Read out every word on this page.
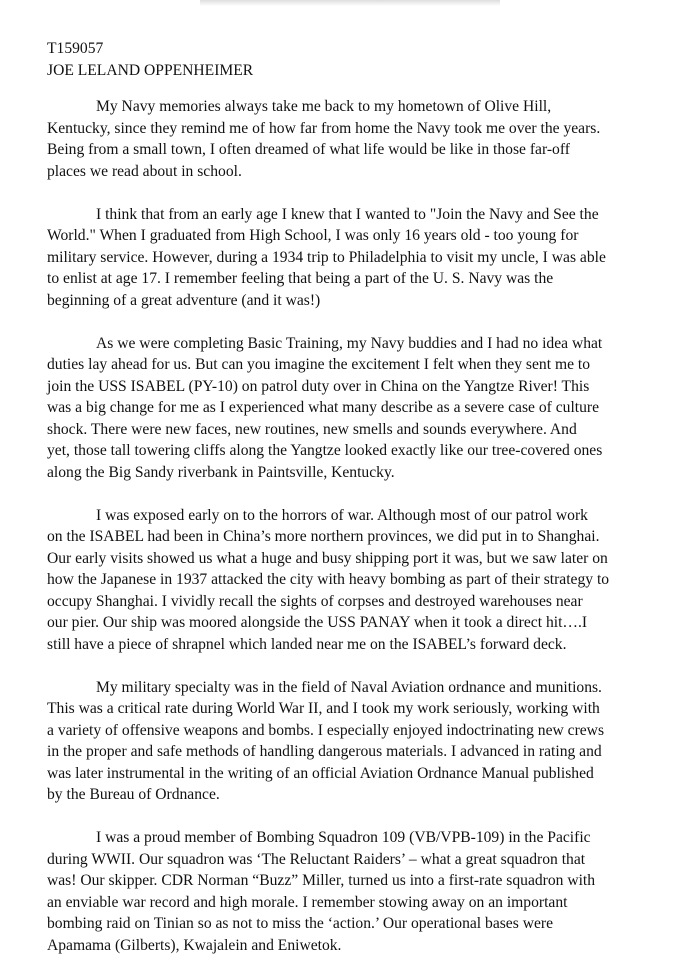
T159057
JOE LELAND OPPENHEIMER
My Navy memories always take me back to my hometown of Olive Hill,
Kentucky, since they remind me of how far from home the Navy took me over the years.
Being from a small town, I often dreamed of what life would be like in those far-off
places we read about in school.
I think that from an early age I knew that I wanted to "Join the Navy and See the
World." When I graduated from High School, I was only 16 years old - too young for
military service. However, during a 1934 trip to Philadelphia to visit my uncle, I was able
to enlist at age 17. I remember feeling that being a part of the U. S. Navy was the
beginning of a great adventure (and it was!)
As we were completing Basic Training, my Navy buddies and I had no idea what
duties lay ahead for us. But can you imagine the excitement I felt when they sent me to
join the USS ISABEL (PY-10) on patrol duty over in China on the Yangtze River! This
was a big change for me as I experienced what many describe as a severe case of culture
shock. There were new faces, new routines, new smells and sounds everywhere. And
yet, those tall towering cliffs along the Yangtze looked exactly like our tree-covered ones
along the Big Sandy riverbank in Paintsville, Kentucky.
I was exposed early on to the horrors of war. Although most of our patrol work
on the ISABEL had been in China’s more northern provinces, we did put in to Shanghai.
Our early visits showed us what a huge and busy shipping port it was, but we saw later on
how the Japanese in 1937 attacked the city with heavy bombing as part of their strategy to
occupy Shanghai. I vividly recall the sights of corpses and destroyed warehouses near
our pier. Our ship was moored alongside the USS PANAY when it took a direct hit….I
still have a piece of shrapnel which landed near me on the ISABEL’s forward deck.
My military specialty was in the field of Naval Aviation ordnance and munitions.
This was a critical rate during World War II, and I took my work seriously, working with
a variety of offensive weapons and bombs. I especially enjoyed indoctrinating new crews
in the proper and safe methods of handling dangerous materials. I advanced in rating and
was later instrumental in the writing of an official Aviation Ordnance Manual published
by the Bureau of Ordnance.
I was a proud member of Bombing Squadron 109 (VB/VPB-109) in the Pacific
during WWII. Our squadron was ‘The Reluctant Raiders’ – what a great squadron that
was! Our skipper. CDR Norman “Buzz” Miller, turned us into a first-rate squadron with
an enviable war record and high morale. I remember stowing away on an important
bombing raid on Tinian so as not to miss the ‘action.’ Our operational bases were
Apamama (Gilberts), Kwajalein and Eniwetok.
